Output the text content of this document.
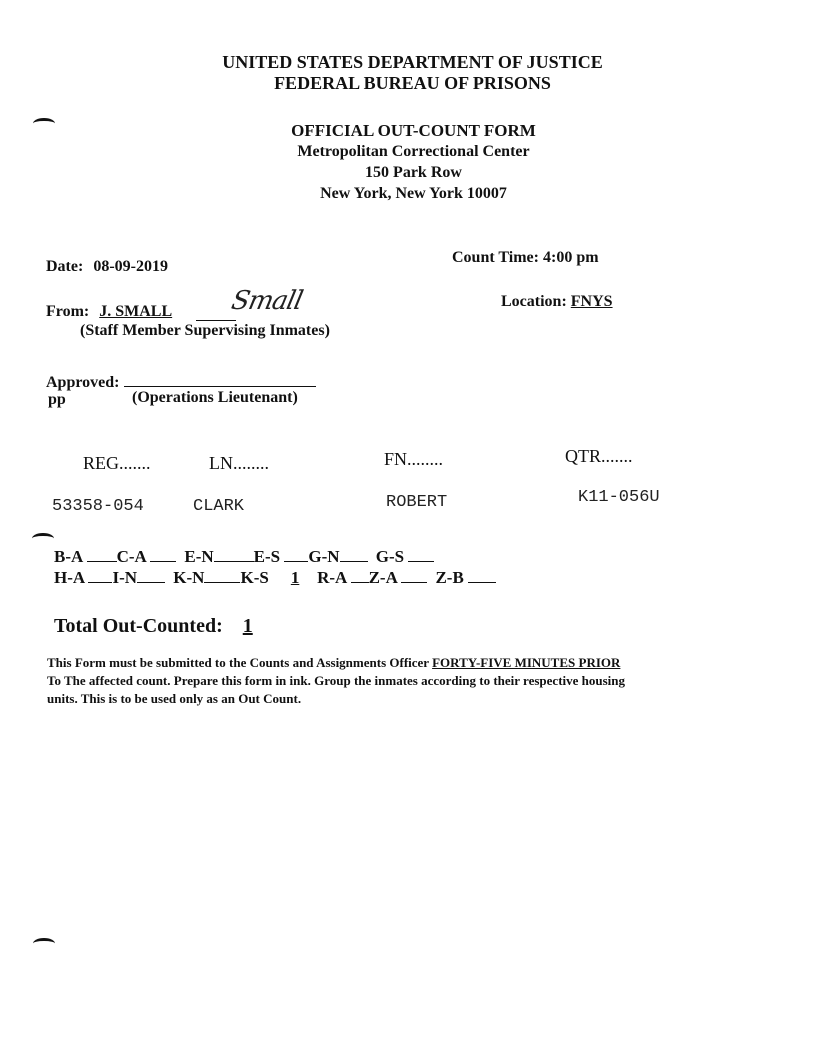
UNITED STATES DEPARTMENT OF JUSTICE
FEDERAL BUREAU OF PRISONS
OFFICIAL OUT-COUNT FORM
Metropolitan Correctional Center
150 Park Row
New York, New York 10007
Date: 08-09-2019
Count Time: 4:00 pm
From: J. SMALL Small
(Staff Member Supervising Inmates)
Location: FNYS
Approved:
pp	(Operations Lieutenant)
REG.......	LN........	FN........	QTR.......
53358-054	CLARK	ROBERT	K11-056U
B-A C-A E-N E-S G-N G-S
H-A I-N K-N K-S 1 R-A Z-A Z-B
Total Out-Counted: 1
This Form must be submitted to the Counts and Assignments Officer FORTY-FIVE MINUTES PRIOR
To The affected count. Prepare this form in ink. Group the inmates according to their respective housing
units. This is to be used only as an Out Count.
